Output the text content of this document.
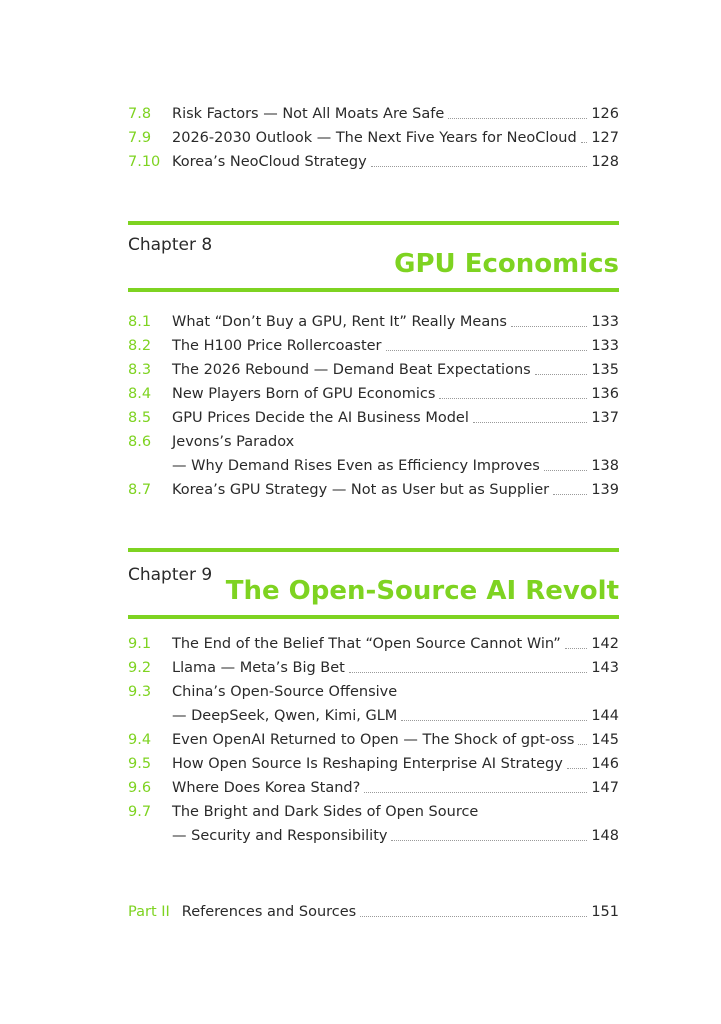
7.8	Risk Factors — Not All Moats Are Safe	126
7.9	2026-2030 Outlook — The Next Five Years for NeoCloud 127
7.10 Korea’s NeoCloud Strategy	128
Chapter 8
GPU Economics
8.1	What “Don’t Buy a GPU, Rent It” Really Means	133
8.2	The H100 Price Rollercoaster	133
8.3	The 2026 Rebound — Demand Beat Expectations	135
8.4	New Players Born of GPU Economics	136
8.5	GPU Prices Decide the AI Business Model	137
8.6	Jevons’s Paradox
— Why Demand Rises Even as Efficiency Improves	138
8.7	Korea’s GPU Strategy — Not as User but as Supplier	139
Chapter 9
The Open-Source AI Revolt
9.1	The End of the Belief That “Open Source Cannot Win” 142
9.2	Llama — Meta’s Big Bet	143
9.3	China’s Open-Source Offensive
— DeepSeek, Qwen, Kimi, GLM	144
9.4	Even OpenAI Returned to Open — The Shock of gpt-oss 145
9.5	How Open Source Is Reshaping Enterprise AI Strategy 146
9.6	Where Does Korea Stand?	147
9.7	The Bright and Dark Sides of Open Source
— Security and Responsibility	148
Part II References and Sources	151
